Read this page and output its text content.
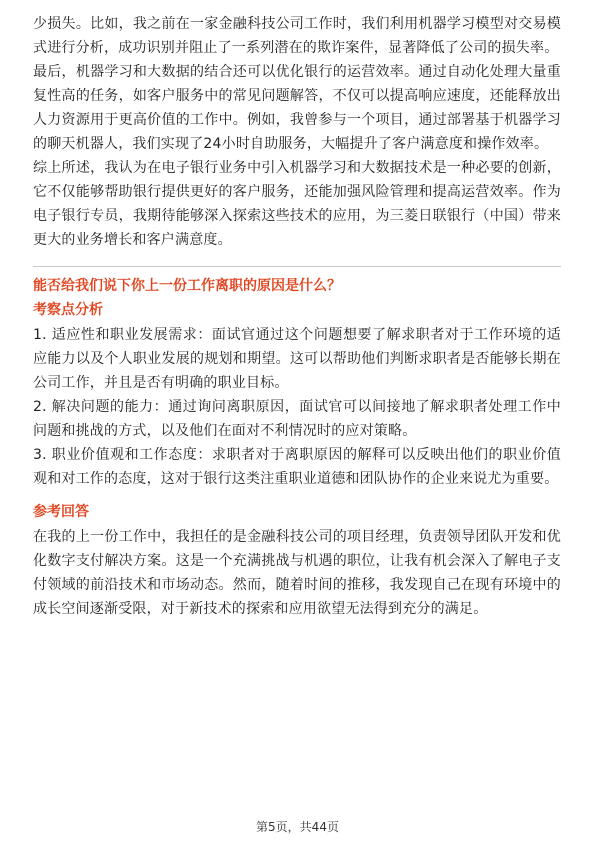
少损失。比如，我之前在一家金融科技公司工作时，我们利用机器学习模型对交易模式进行分析，成功识别并阻止了一系列潜在的欺诈案件，显著降低了公司的损失率。

最后，机器学习和大数据的结合还可以优化银行的运营效率。通过自动化处理大量重复性高的任务，如客户服务中的常见问题解答，不仅可以提高响应速度，还能释放出人力资源用于更高价值的工作中。例如，我曾参与一个项目，通过部署基于机器学习的聊天机器人，我们实现了24小时自助服务，大幅提升了客户满意度和操作效率。

综上所述，我认为在电子银行业务中引入机器学习和大数据技术是一种必要的创新，它不仅能够帮助银行提供更好的客户服务，还能加强风险管理和提高运营效率。作为电子银行专员，我期待能够深入探索这些技术的应用，为三菱日联银行（中国）带来更大的业务增长和客户满意度。

能否给我们说下你上一份工作离职的原因是什么？

考察点分析

1. 适应性和职业发展需求：面试官通过这个问题想要了解求职者对于工作环境的适应能力以及个人职业发展的规划和期望。这可以帮助他们判断求职者是否能够长期在公司工作，并且是否有明确的职业目标。

2. 解决问题的能力：通过询问离职原因，面试官可以间接地了解求职者处理工作中问题和挑战的方式，以及他们在面对不利情况时的应对策略。

3. 职业价值观和工作态度：求职者对于离职原因的解释可以反映出他们的职业价值观和对工作的态度，这对于银行这类注重职业道德和团队协作的企业来说尤为重要。

参考回答

在我的上一份工作中，我担任的是金融科技公司的项目经理，负责领导团队开发和优化数字支付解决方案。这是一个充满挑战与机遇的职位，让我有机会深入了解电子支付领域的前沿技术和市场动态。然而，随着时间的推移，我发现自己在现有环境中的成长空间逐渐受限，对于新技术的探索和应用欲望无法得到充分的满足。

第5页，共44页
